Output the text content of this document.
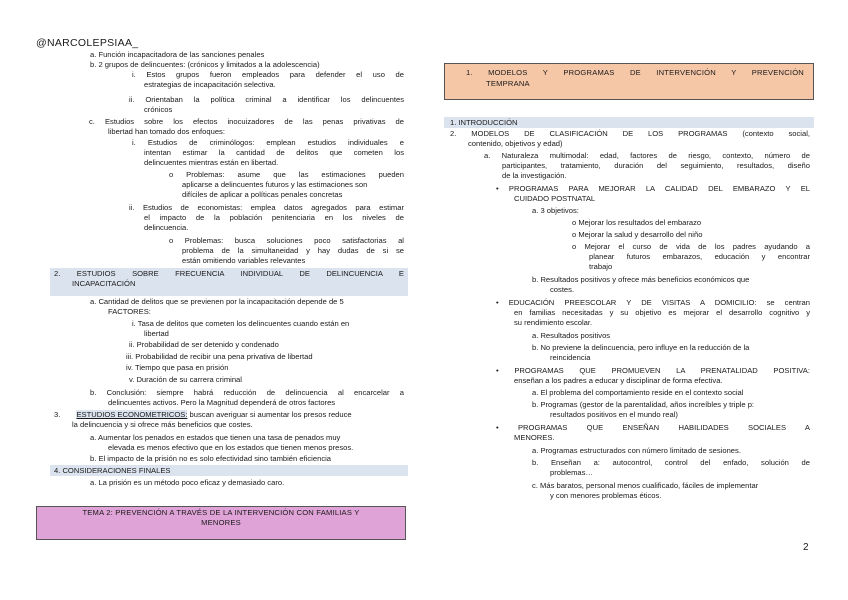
@NARCOLEPSIAA_
a. Función incapacitadora de las sanciones penales
b. 2 grupos de delincuentes: (crónicos y limitados a la adolescencia)
i. Estos grupos fueron empleados para defender el uso de
estrategias de incapacitación selectiva.
ii. Orientaban la política criminal a identificar los delincuentes
crónicos
c. Estudios sobre los efectos inocuizadores de las penas privativas de
libertad han tomado dos enfoques:
i. Estudios de criminólogos: emplean estudios individuales e
intentan estimar la cantidad de delitos que cometen los
delincuentes mientras están en libertad.
o Problemas: asume que las estimaciones pueden
aplicarse a delincuentes futuros y las estimaciones son
difíciles de aplicar a políticas penales concretas
ii. Estudios de economistas: emplea datos agregados para estimar
el impacto de la población penitenciaria en los niveles de
delincuencia.
o Problemas: busca soluciones poco satisfactorias al
problema de la simultaneidad y hay dudas de si se
están omitiendo variables relevantes
2. ESTUDIOS SOBRE FRECUENCIA INDIVIDUAL DE DELINCUENCIA E
INCAPACITACIÓN
a. Cantidad de delitos que se previenen por la incapacitación depende de 5
FACTORES:
i. Tasa de delitos que cometen los delincuentes cuando están en
libertad
ii. Probabilidad de ser detenido y condenado
iii. Probabilidad de recibir una pena privativa de libertad
iv. Tiempo que pasa en prisión
v. Duración de su carrera criminal
b. Conclusión: siempre habrá reducción de delincuencia al encarcelar a
delincuentes activos. Pero la Magnitud dependerá de otros factores
3. ESTUDIOS ECONOMETRICOS: buscan averiguar si aumentar los presos reduce
la delincuencia y si ofrece más beneficios que costes.
a. Aumentar los penados en estados que tienen una tasa de penados muy
elevada es menos efectivo que en los estados que tienen menos presos.
b. El impacto de la prisión no es solo efectividad sino también eficiencia
4. CONSIDERACIONES FINALES
a. La prisión es un método poco eficaz y demasiado caro.
TEMA 2: PREVENCIÓN A TRAVÉS DE LA INTERVENCIÓN CON FAMILIAS Y
MENORES
1. MODELOS Y PROGRAMAS DE INTERVENCIÓN Y PREVENCIÓN
TEMPRANA
1. INTRODUCCIÓN
2. MODELOS DE CLASIFICACIÓN DE LOS PROGRAMAS (contexto social,
contenido, objetivos y edad)
a. Naturaleza multimodal: edad, factores de riesgo, contexto, número de
participantes, tratamiento, duración del seguimiento, resultados, diseño
de la investigación.
• PROGRAMAS PARA MEJORAR LA CALIDAD DEL EMBARAZO Y EL
CUIDADO POSTNATAL
a. 3 objetivos:
o Mejorar los resultados del embarazo
o Mejorar la salud y desarrollo del niño
o Mejorar el curso de vida de los padres ayudando a
planear futuros embarazos, educación y encontrar
trabajo
b. Resultados positivos y ofrece más beneficios económicos que
costes.
• EDUCACIÓN PREESCOLAR Y DE VISITAS A DOMICILIO: se centran
en familias necesitadas y su objetivo es mejorar el desarrollo cognitivo y
su rendimiento escolar.
a. Resultados positivos
b. No previene la delincuencia, pero influye en la reducción de la
reincidencia
• PROGRAMAS QUE PROMUEVEN LA PRENATALIDAD POSITIVA:
enseñan a los padres a educar y disciplinar de forma efectiva.
a. El problema del comportamiento reside en el contexto social
b. Programas (gestor de la parentalidad, años increíbles y triple p:
resultados positivos en el mundo real)
• PROGRAMAS QUE ENSEÑAN HABILIDADES SOCIALES A
MENORES.
a. Programas estructurados con número limitado de sesiones.
b. Enseñan a: autocontrol, control del enfado, solución de
problemas…
c. Más baratos, personal menos cualificado, fáciles de implementar
y con menores problemas éticos.
2
